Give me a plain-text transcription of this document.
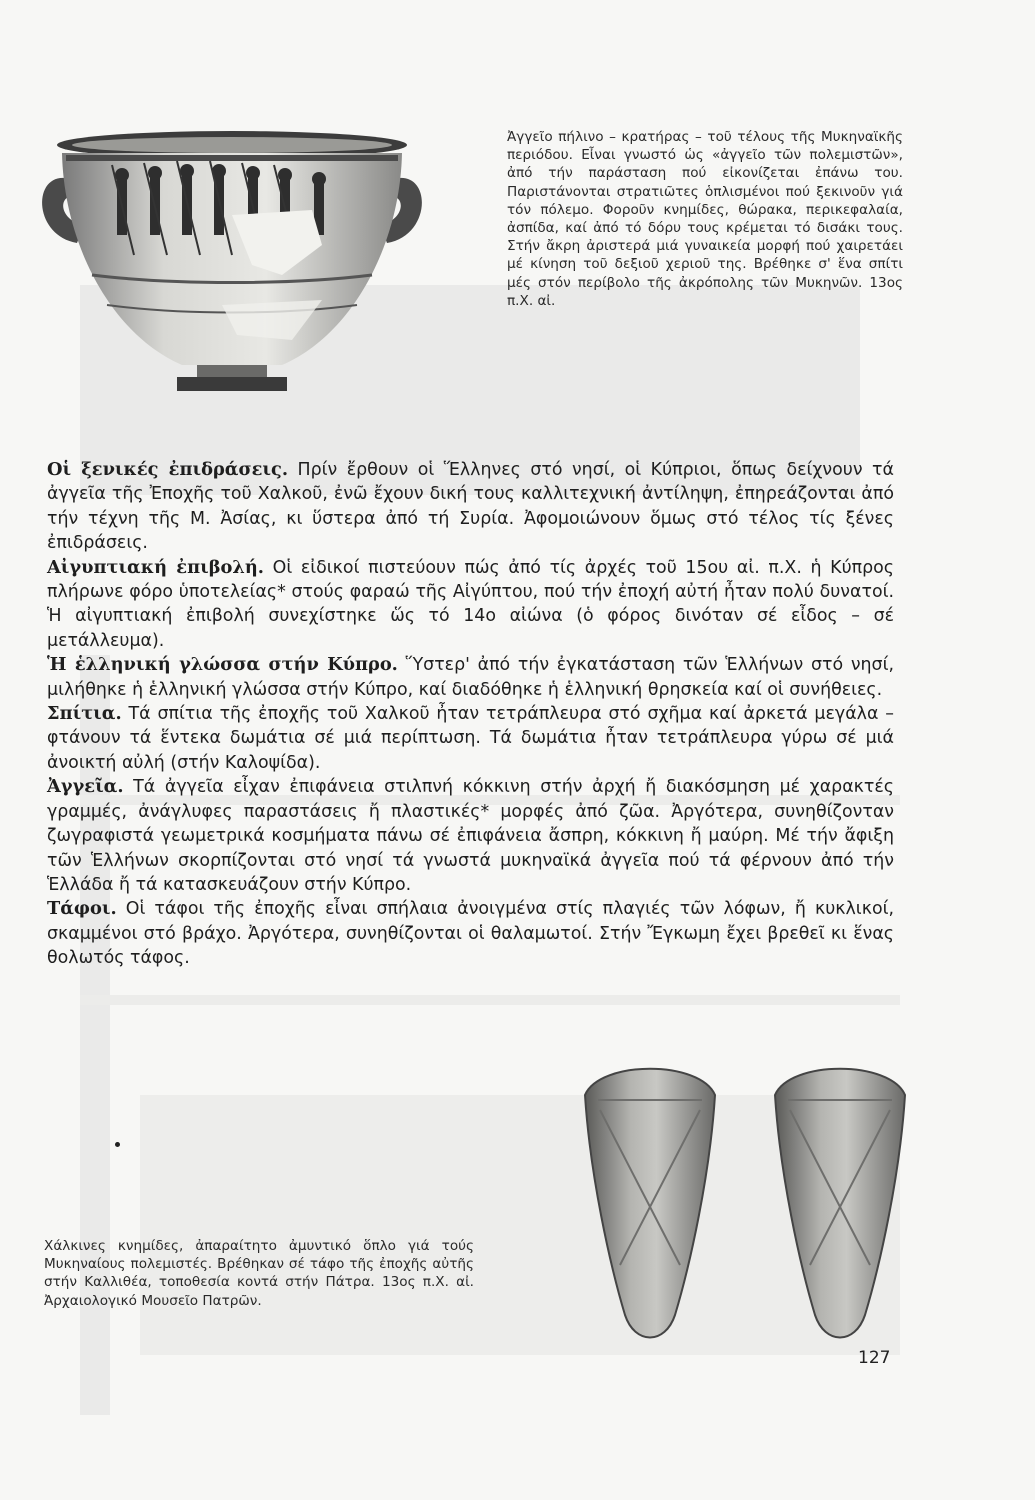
Ἀγγεῖο πήλινο – κρατήρας – τοῦ τέλους τῆς Μυκηναϊκῆς περιόδου. Εἶναι γνωστό ὡς «ἀγγεῖο τῶν πολεμιστῶν», ἀπό τήν παράσταση πού εἰκονίζεται ἐπάνω του. Παριστάνονται στρατιῶτες ὁπλισμένοι πού ξεκινοῦν γιά τόν πόλεμο. Φοροῦν κνημίδες, θώρακα, περικεφαλαία, ἀσπίδα, καί ἀπό τό δόρυ τους κρέμεται τό δισάκι τους. Στήν ἄκρη ἀριστερά μιά γυναικεία μορφή πού χαιρετάει μέ κίνηση τοῦ δεξιοῦ χεριοῦ της. Βρέθηκε σ' ἕνα σπίτι μές στόν περίβολο τῆς ἀκρόπολης τῶν Μυκηνῶν. 13ος π.Χ. αἰ.

Οἱ ξενικές ἐπιδράσεις. Πρίν ἔρθουν οἱ Ἕλληνες στό νησί, οἱ Κύπριοι, ὅπως δείχνουν τά ἀγγεῖα τῆς Ἐποχῆς τοῦ Χαλκοῦ, ἐνῶ ἔχουν δική τους καλλιτεχνική ἀντίληψη, ἐπηρεάζονται ἀπό τήν τέχνη τῆς Μ. Ἀσίας, κι ὕστερα ἀπό τή Συρία. Ἀφομοιώνουν ὅμως στό τέλος τίς ξένες ἐπιδράσεις.

Αἰγυπτιακή ἐπιβολή. Οἱ εἰδικοί πιστεύουν πώς ἀπό τίς ἀρχές τοῦ 15ου αἰ. π.Χ. ἡ Κύπρος πλήρωνε φόρο ὑποτελείας* στούς φαραώ τῆς Αἰγύπτου, πού τήν ἐποχή αὐτή ἦταν πολύ δυνατοί. Ἡ αἰγυπτιακή ἐπιβολή συνεχίστηκε ὥς τό 14ο αἰώνα (ὁ φόρος δινόταν σέ εἶδος – σέ μετάλλευμα).

Ἡ ἑλληνική γλώσσα στήν Κύπρο. Ὕστερ' ἀπό τήν ἐγκατάσταση τῶν Ἑλλήνων στό νησί, μιλήθηκε ἡ ἑλληνική γλώσσα στήν Κύπρο, καί διαδόθηκε ἡ ἑλληνική θρησκεία καί οἱ συνήθειες.

Σπίτια. Τά σπίτια τῆς ἐποχῆς τοῦ Χαλκοῦ ἦταν τετράπλευρα στό σχῆμα καί ἀρκετά μεγάλα – φτάνουν τά ἕντεκα δωμάτια σέ μιά περίπτωση. Τά δωμάτια ἦταν τετράπλευρα γύρω σέ μιά ἀνοικτή αὐλή (στήν Καλοψίδα).

Ἀγγεῖα. Τά ἀγγεῖα εἶχαν ἐπιφάνεια στιλπνή κόκκινη στήν ἀρχή ἤ διακόσμηση μέ χαρακτές γραμμές, ἀνάγλυφες παραστάσεις ἤ πλαστικές* μορφές ἀπό ζῶα. Ἀργότερα, συνηθίζονταν ζωγραφιστά γεωμετρικά κοσμήματα πάνω σέ ἐπιφάνεια ἄσπρη, κόκκινη ἤ μαύρη. Μέ τήν ἄφιξη τῶν Ἑλλήνων σκορπίζονται στό νησί τά γνωστά μυκηναϊκά ἀγγεῖα πού τά φέρνουν ἀπό τήν Ἑλλάδα ἤ τά κατασκευάζουν στήν Κύπρο.

Τάφοι. Οἱ τάφοι τῆς ἐποχῆς εἶναι σπήλαια ἀνοιγμένα στίς πλαγιές τῶν λόφων, ἤ κυκλικοί, σκαμμένοι στό βράχο. Ἀργότερα, συνηθίζονται οἱ θαλαμωτοί. Στήν Ἔγκωμη ἔχει βρεθεῖ κι ἕνας θολωτός τάφος.

Χάλκινες κνημίδες, ἀπαραίτητο ἀμυντικό ὅπλο γιά τούς Μυκηναίους πολεμιστές. Βρέθηκαν σέ τάφο τῆς ἐποχῆς αὐτῆς στήν Καλλιθέα, τοποθεσία κοντά στήν Πάτρα. 13ος π.Χ. αἰ. Ἀρχαιολογικό Μουσεῖο Πατρῶν.

127
